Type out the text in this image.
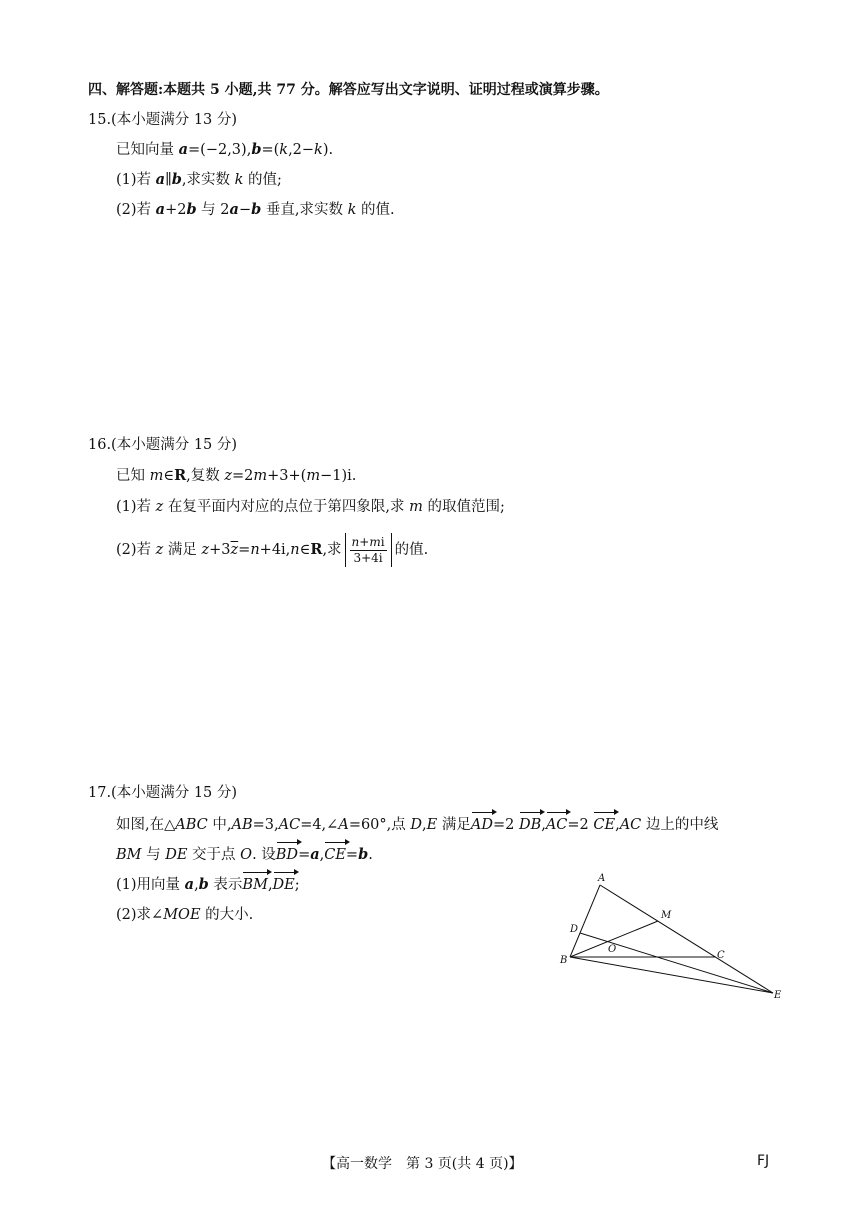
四、解答题:本题共 5 小题,共 77 分。解答应写出文字说明、证明过程或演算步骤。
15.(本小题满分 13 分)
已知向量 a=(−2,3),b=(k,2−k).
(1)若 a∥b,求实数 k 的值;
(2)若 a+2b 与 2a−b 垂直,求实数 k 的值.
16.(本小题满分 15 分)
已知 m∈R,复数 z=2m+3+(m−1)i.
(1)若 z 在复平面内对应的点位于第四象限,求 m 的取值范围;
(2)若 z 满足 $z+3\overline{z}=n+4i,n\in R$,求 $\frac{n+mi}{3+4i}$ 的值.
17.(本小题满分 15 分)
如图,在△ABC 中,AB=3,AC=4,∠A=60°,点 D,E 满足AD=2 DB,AC=2 CE,AC 边上的中线
BM 与 DE 交于点 O. 设BD=a,CE=b.
(1)用向量 a,b 表示BM,DE;
(2)求∠MOE 的大小.
A
B	C
D
E
M
O
【高一数学　第 3 页(共 4 页)】	FJ
